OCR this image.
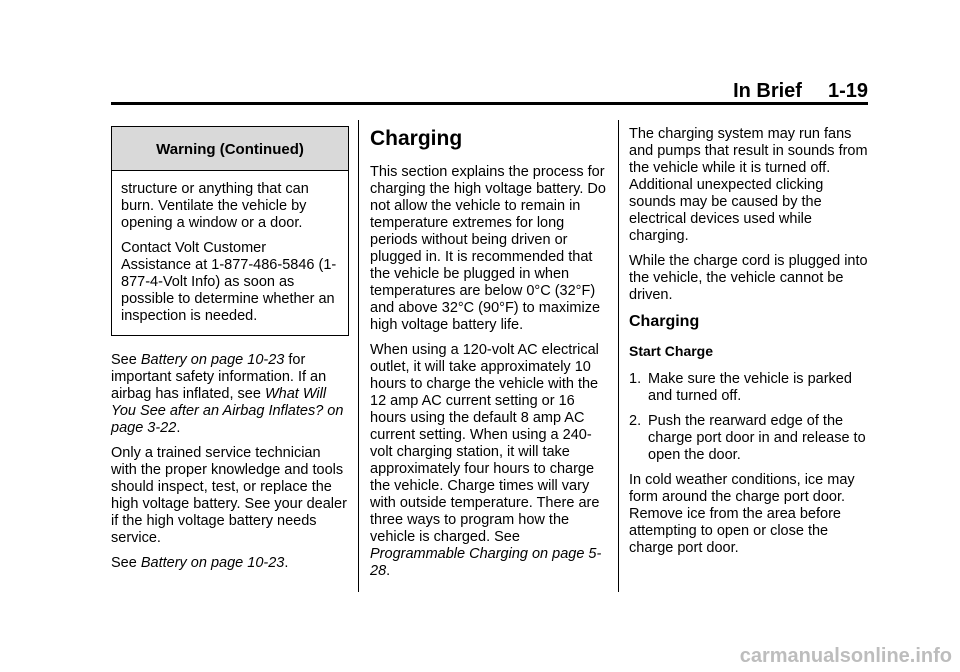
In Brief 1-19
Warning (Continued)

structure or anything that can burn. Ventilate the vehicle by opening a window or a door.

Contact Volt Customer Assistance at 1-877-486-5846 (1-877-4-Volt Info) as soon as possible to determine whether an inspection is needed.

See Battery on page 10-23 for important safety information. If an airbag has inflated, see What Will You See after an Airbag Inflates? on page 3-22.

Only a trained service technician with the proper knowledge and tools should inspect, test, or replace the high voltage battery. See your dealer if the high voltage battery needs service.

See Battery on page 10-23.

Charging

This section explains the process for charging the high voltage battery. Do not allow the vehicle to remain in temperature extremes for long periods without being driven or plugged in. It is recommended that the vehicle be plugged in when temperatures are below 0°C (32°F) and above 32°C (90°F) to maximize high voltage battery life.

When using a 120-volt AC electrical outlet, it will take approximately 10 hours to charge the vehicle with the 12 amp AC current setting or 16 hours using the default 8 amp AC current setting. When using a 240-volt charging station, it will take approximately four hours to charge the vehicle. Charge times will vary with outside temperature. There are three ways to program how the vehicle is charged. See Programmable Charging on page 5-28.

The charging system may run fans and pumps that result in sounds from the vehicle while it is turned off. Additional unexpected clicking sounds may be caused by the electrical devices used while charging.

While the charge cord is plugged into the vehicle, the vehicle cannot be driven.

Charging
Start Charge
1. Make sure the vehicle is parked and turned off.
2. Push the rearward edge of the charge port door in and release to open the door.

In cold weather conditions, ice may form around the charge port door. Remove ice from the area before attempting to open or close the charge port door.

carmanualsonline.info
